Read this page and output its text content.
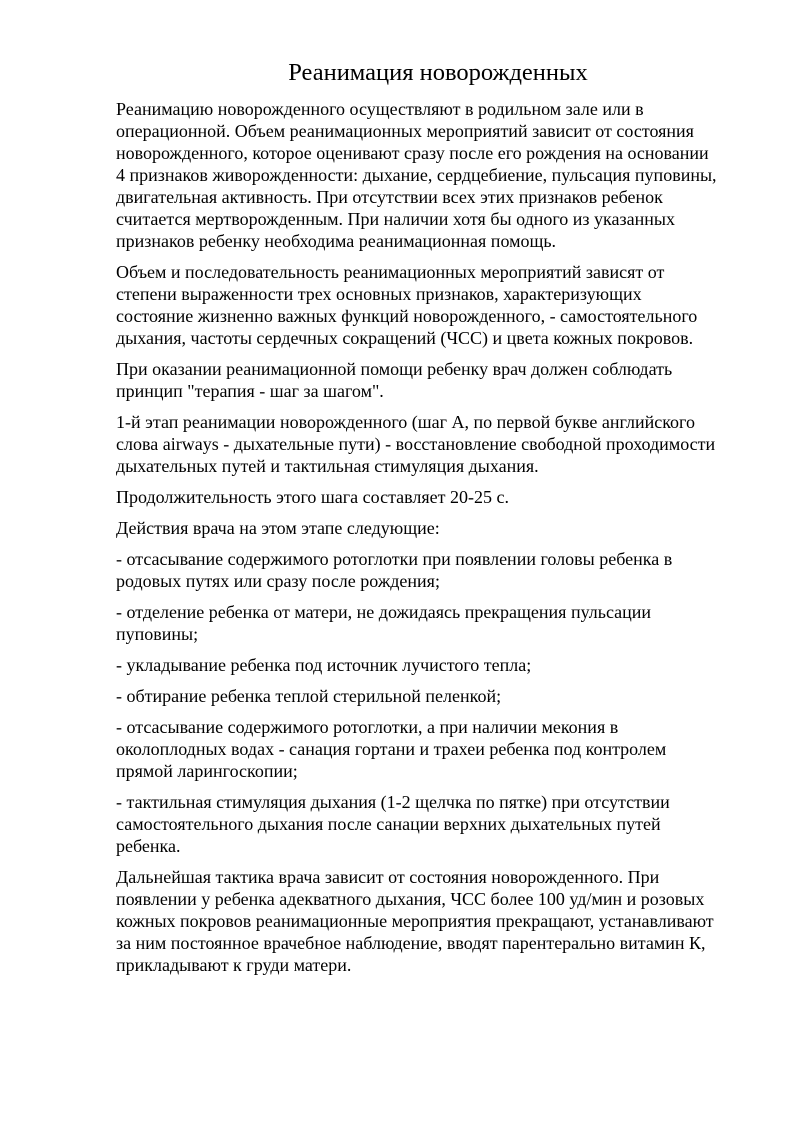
Реанимация новорожденных

Реанимацию новорожденного осуществляют в родильном зале или в операционной. Объем реанимационных мероприятий зависит от состояния новорожденного, которое оценивают сразу после его рождения на основании 4 признаков живорожденности: дыхание, сердцебиение, пульсация пуповины, двигательная активность. При отсутствии всех этих признаков ребенок считается мертворожденным. При наличии хотя бы одного из указанных признаков ребенку необходима реанимационная помощь.

Объем и последовательность реанимационных мероприятий зависят от степени выраженности трех основных признаков, характеризующих состояние жизненно важных функций новорожденного, - самостоятельного дыхания, частоты сердечных сокращений (ЧСС) и цвета кожных покровов.

При оказании реанимационной помощи ребенку врач должен соблюдать принцип "терапия - шаг за шагом".

1-й этап реанимации новорожденного (шаг A, по первой букве английского слова airways - дыхательные пути) - восстановление свободной проходимости дыхательных путей и тактильная стимуляция дыхания.

Продолжительность этого шага составляет 20-25 с.

Действия врача на этом этапе следующие:

- отсасывание содержимого ротоглотки при появлении головы ребенка в родовых путях или сразу после рождения;

- отделение ребенка от матери, не дожидаясь прекращения пульсации пуповины;

- укладывание ребенка под источник лучистого тепла;

- обтирание ребенка теплой стерильной пеленкой;

- отсасывание содержимого ротоглотки, а при наличии мекония в околоплодных водах - санация гортани и трахеи ребенка под контролем прямой ларингоскопии;

- тактильная стимуляция дыхания (1-2 щелчка по пятке) при отсутствии самостоятельного дыхания после санации верхних дыхательных путей ребенка.

Дальнейшая тактика врача зависит от состояния новорожденного. При появлении у ребенка адекватного дыхания, ЧСС более 100 уд/мин и розовых кожных покровов реанимационные мероприятия прекращают, устанавливают за ним постоянное врачебное наблюдение, вводят парентерально витамин К, прикладывают к груди матери.
